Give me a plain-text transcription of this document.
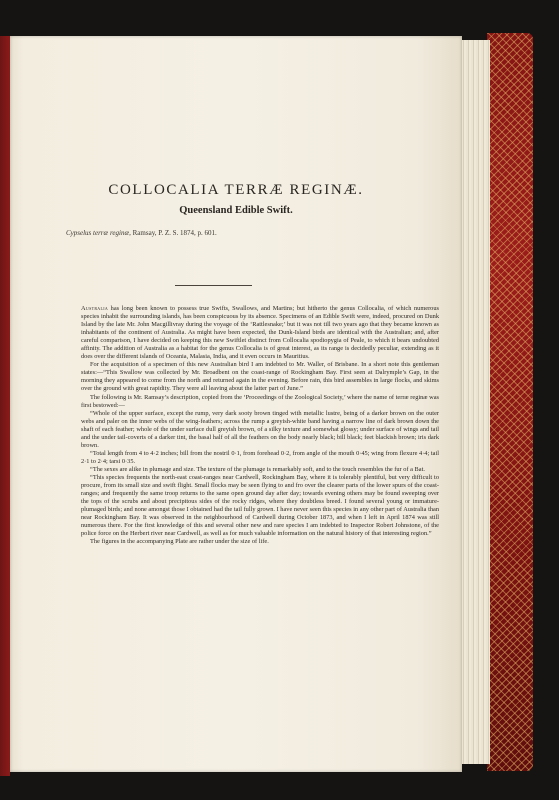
COLLOCALIA TERRÆ REGINÆ.
Queensland Edible Swift.
Cypselus terræ reginæ, Ramsay, P. Z. S. 1874, p. 601.

Australia has long been known to possess true Swifts, Swallows, and Martins; but hitherto the genus Collocalia, of which numerous species inhabit the surrounding islands, has been conspicuous by its absence. Specimens of an Edible Swift were, indeed, procured on Dunk Island by the late Mr. John Macgillivray during the voyage of the ‘Rattlesnake;’ but it was not till two years ago that they became known as inhabitants of the continent of Australia. As might have been expected, the Dunk-Island birds are identical with the Australian; and, after careful comparison, I have decided on keeping this new Swiftlet distinct from Collocalia spodiopygia of Peale, to which it bears undoubted affinity. The addition of Australia as a habitat for the genus Collocalia is of great interest, as its range is decidedly peculiar, extending as it does over the different islands of Oceania, Malasia, India, and it even occurs in Mauritius.

For the acquisition of a specimen of this new Australian bird I am indebted to Mr. Waller, of Brisbane. In a short note this gentleman states:—“This Swallow was collected by Mr. Broadbent on the coast-range of Rockingham Bay. First seen at Dalrymple’s Gap, in the morning they appeared to come from the north and returned again in the evening. Before rain, this bird assembles in large flocks, and skims over the ground with great rapidity. They were all leaving about the latter part of June.”

The following is Mr. Ramsay’s description, copied from the ‘Proceedings of the Zoological Society,’ where the name of terræ reginæ was first bestowed:—

“Whole of the upper surface, except the rump, very dark sooty brown tinged with metallic lustre, being of a darker brown on the outer webs and paler on the inner webs of the wing-feathers; across the rump a greyish-white band having a narrow line of dark brown down the shaft of each feather; whole of the under surface dull greyish brown, of a silky texture and somewhat glossy; under surface of wings and tail and the under tail-coverts of a darker tint, the basal half of all the feathers on the body nearly black; bill black; feet blackish brown; iris dark brown.

“Total length from 4 to 4·2 inches; bill from the nostril 0·1, from forehead 0·2, from angle of the mouth 0·45; wing from flexure 4·4; tail 2·1 to 2·4; tarsi 0·35.

“The sexes are alike in plumage and size. The texture of the plumage is remarkably soft, and to the touch resembles the fur of a Bat.

“This species frequents the north-east coast-ranges near Cardwell, Rockingham Bay, where it is tolerably plentiful, but very difficult to procure, from its small size and swift flight. Small flocks may be seen flying to and fro over the clearer parts of the lower spurs of the coast-ranges; and frequently the same troop returns to the same open ground day after day; towards evening others may be found sweeping over the tops of the scrubs and about precipitous sides of the rocky ridges, where they doubtless breed. I found several young or immature-plumaged birds; and none amongst those I obtained had the tail fully grown. I have never seen this species in any other part of Australia than near Rockingham Bay. It was observed in the neighbourhood of Cardwell during October 1873, and when I left in April 1874 was still numerous there. For the first knowledge of this and several other new and rare species I am indebted to Inspector Robert Johnstone, of the police force on the Herbert river near Cardwell, as well as for much valuable information on the natural history of that interesting region.”

The figures in the accompanying Plate are rather under the size of life.
